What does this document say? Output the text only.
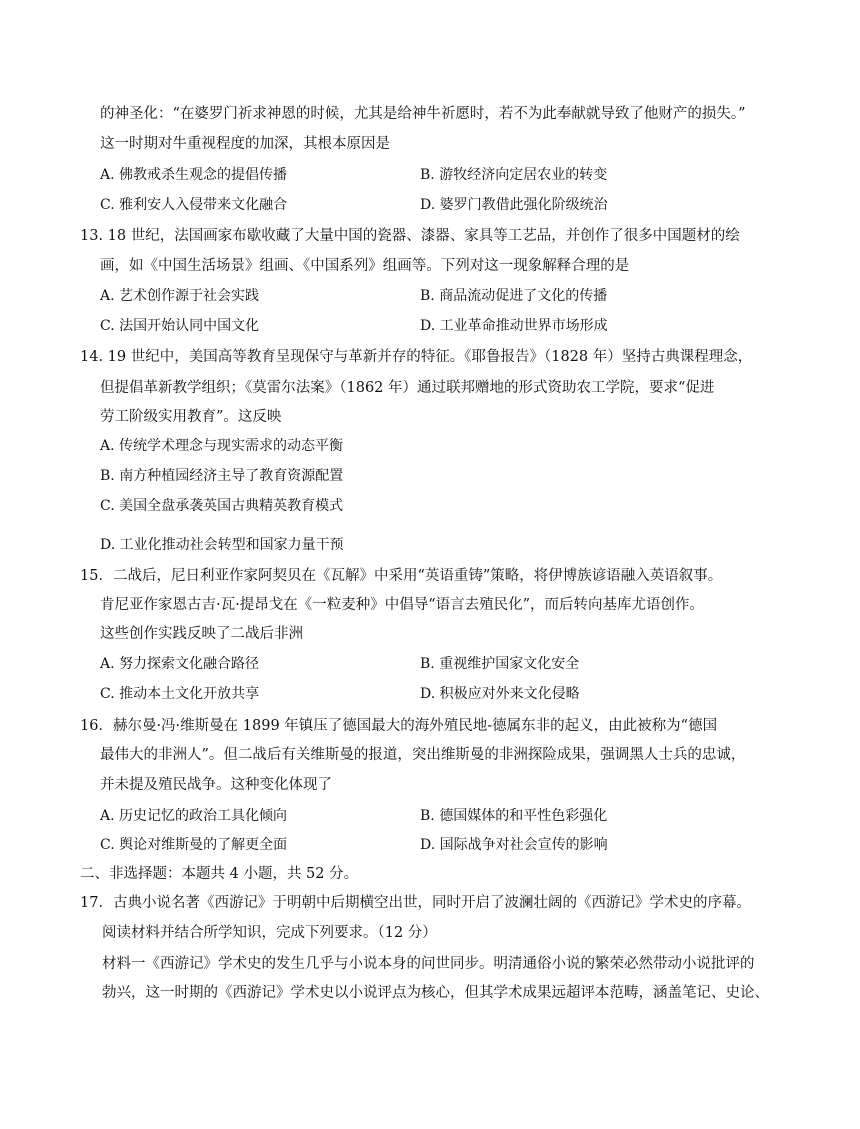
的神圣化：“在婆罗门祈求神恩的时候，尤其是给神牛祈愿时，若不为此奉献就导致了他财产的损失。”
这一时期对牛重视程度的加深，其根本原因是
A. 佛教戒杀生观念的提倡传播	B. 游牧经济向定居农业的转变
C. 雅利安人入侵带来文化融合	D. 婆罗门教借此强化阶级统治
13. 18 世纪，法国画家布歇收藏了大量中国的瓷器、漆器、家具等工艺品，并创作了很多中国题材的绘
画，如《中国生活场景》组画、《中国系列》组画等。下列对这一现象解释合理的是
A. 艺术创作源于社会实践	B. 商品流动促进了文化的传播
C. 法国开始认同中国文化	D. 工业革命推动世界市场形成
14. 19 世纪中，美国高等教育呈现保守与革新并存的特征。《耶鲁报告》（1828 年）坚持古典课程理念，
但提倡革新教学组织；《莫雷尔法案》（1862 年）通过联邦赠地的形式资助农工学院，要求“促进
劳工阶级实用教育”。这反映
A. 传统学术理念与现实需求的动态平衡
B. 南方种植园经济主导了教育资源配置
C. 美国全盘承袭英国古典精英教育模式
D. 工业化推动社会转型和国家力量干预
15．二战后，尼日利亚作家阿契贝在《瓦解》中采用“英语重铸”策略，将伊博族谚语融入英语叙事。
肯尼亚作家恩古吉·瓦·提昂戈在《一粒麦种》中倡导“语言去殖民化”，而后转向基库尤语创作。
这些创作实践反映了二战后非洲
A. 努力探索文化融合路径	B. 重视维护国家文化安全
C. 推动本土文化开放共享	D. 积极应对外来文化侵略
16．赫尔曼·冯·维斯曼在 1899 年镇压了德国最大的海外殖民地-德属东非的起义，由此被称为“德国
最伟大的非洲人”。但二战后有关维斯曼的报道，突出维斯曼的非洲探险成果，强调黑人士兵的忠诚，
并未提及殖民战争。这种变化体现了
A. 历史记忆的政治工具化倾向	B. 德国媒体的和平性色彩强化
C. 舆论对维斯曼的了解更全面	D. 国际战争对社会宣传的影响
二、非选择题：本题共 4 小题，共 52 分。
17．古典小说名著《西游记》于明朝中后期横空出世，同时开启了波澜壮阔的《西游记》学术史的序幕。
阅读材料并结合所学知识，完成下列要求。（12 分）
材料一《西游记》学术史的发生几乎与小说本身的问世同步。明清通俗小说的繁荣必然带动小说批评的
勃兴，这一时期的《西游记》学术史以小说评点为核心，但其学术成果远超评本范畴，涵盖笔记、史论、
